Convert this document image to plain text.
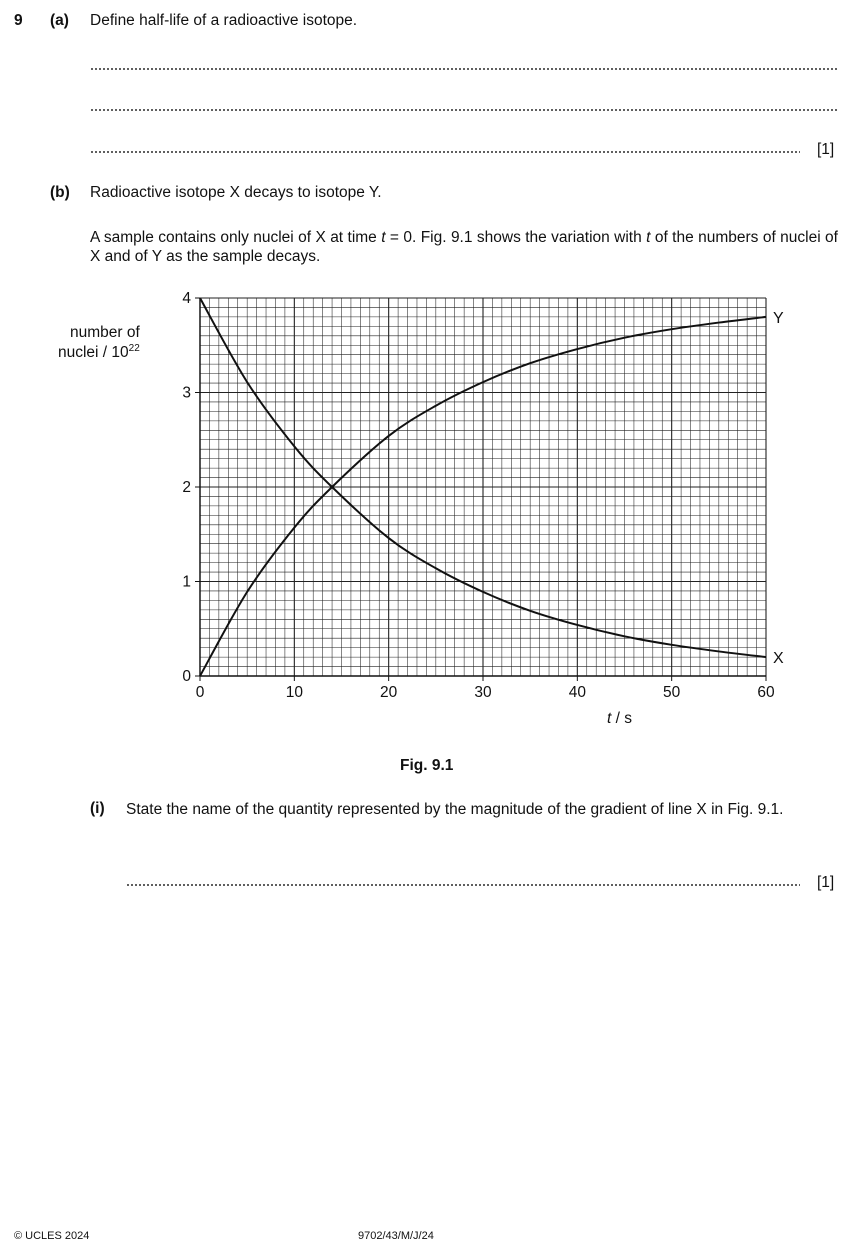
9 (a) Define half-life of a radioactive isotope.
[1]
(b) Radioactive isotope X decays to isotope Y.
A sample contains only nuclei of X at time t = 0. Fig. 9.1 shows the variation with t of the numbers of nuclei of X and of Y as the sample decays.
0	10	20	30	40	50	60
0
1
2
3
4
X
Y
number of
nuclei / $10^{22}$
t / s
Fig. 9.1
(i) State the name of the quantity represented by the magnitude of the gradient of line X in Fig. 9.1.
[1]
© UCLES 2024	9702/43/M/J/24
